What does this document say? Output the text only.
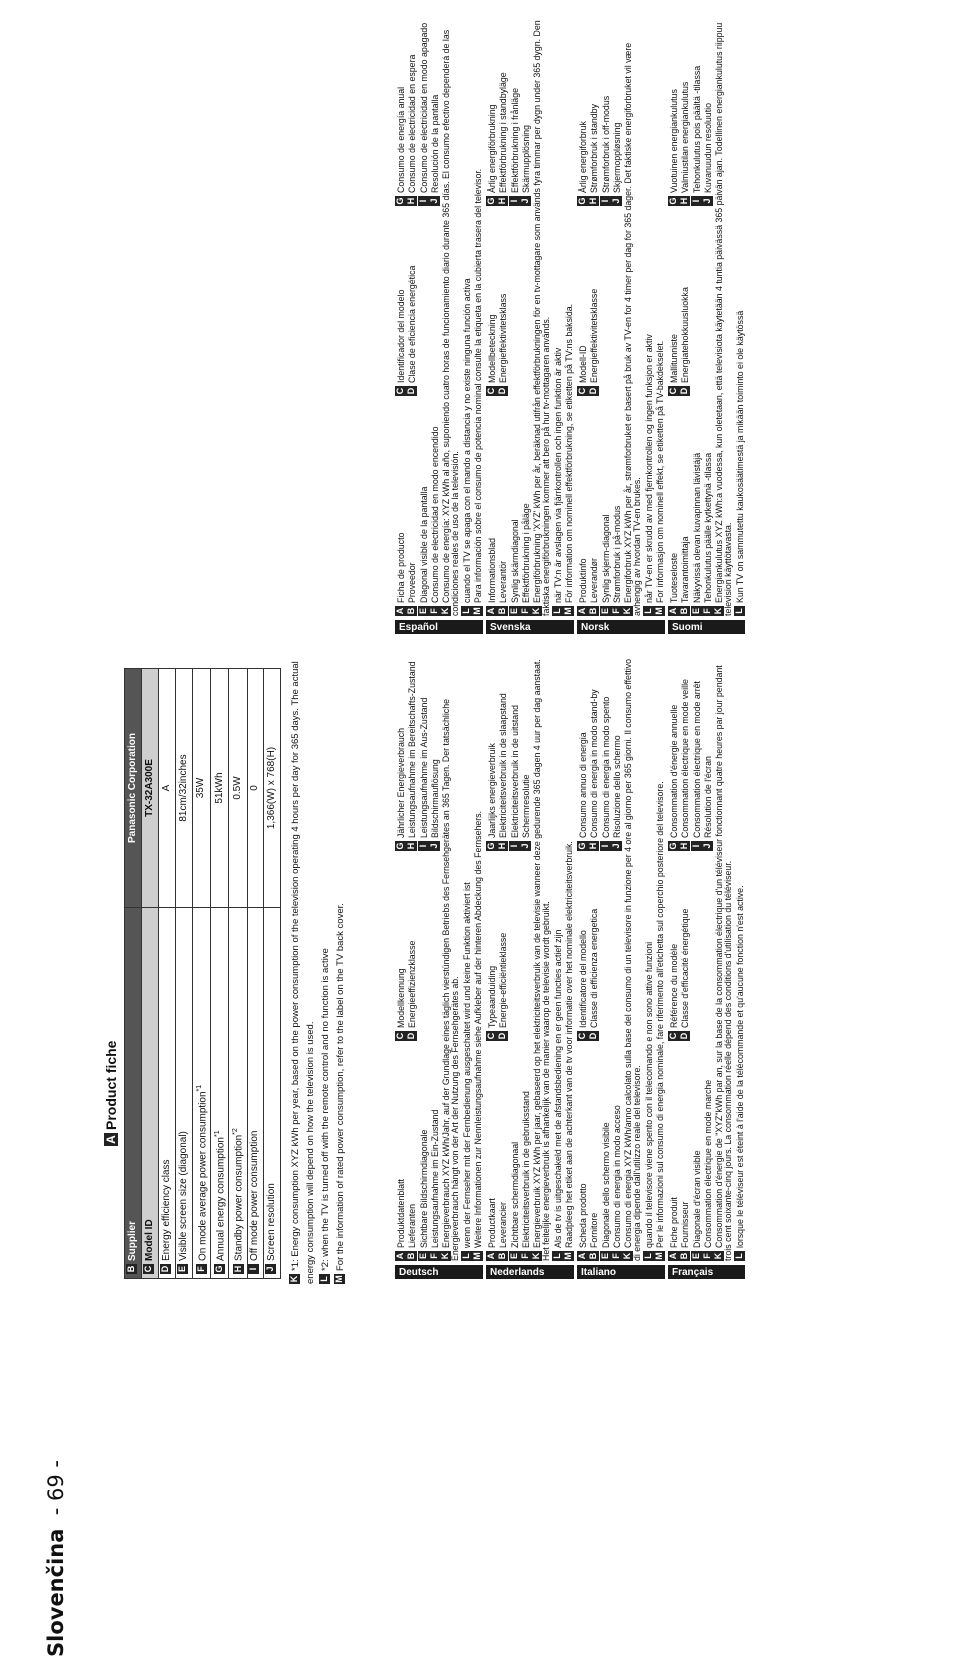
Slovenčina  - 69 -
AProduct fiche
BSupplier	Panasonic Corporation
CModel ID	TX-32A300E
DEnergy efficiency class	A
EVisible screen size (diagonal)	81cm/32inches
FOn mode average power consumption$^{*1}$	35W
GAnnual energy consumption$^{*1}$	51kWh
HStandby power consumption$^{*2}$	0.5W
IOff mode power consumption	0
JScreen resolution	1,366(W) x 768(H)

K*1: Energy consumption XYZ kWh per year, based on the power consumption of the television operating 4 hours per day for 365 days. The actual energy consumption will depend on how the television is used. L*2: when the TV is turned off with the remote control and no function is active

MFor the information of rated power consumption, refer to the label on the TV back cover.

Deutsch
AProduktdatenblatt
CModellkennung
GJährlicher Energieverbrauch
BLieferanten
DEnergieeffizienzklasse
HLeistungsaufnahme im Bereitschafts-Zustand
ESichtbare Bildschirmdiagonale
ILeistungsaufnahme im Aus-Zustand
FLeistungsaufnahme im Ein-Zustand
JBildschirmauflösung
KEnergieverbrauch XYZ kWh/Jahr, auf der Grundlage eines täglich vierstündigen Betriebs des Fernsehgerätes an 365 Tagen. Der tatsächliche Energieverbrauch hängt von der Art der Nutzung des Fernsehgerätes ab. Lwenn der Fernseher mit der Fernbedienung ausgeschaltet wird und keine Funktion aktiviert ist
MWeitere Informationen zur Nennleistungsaufnahme siehe Aufkleber auf der hinteren Abdeckung des Fernsehers.
Nederlands
AProductkaart
CTypeaanduiding
GJaarlijks energieverbruik
BLeverancier
DEnergie-efficiëntieklasse
HElektriciteitsverbruik in de slaapstand
EZichtbare schermdiagonaal
IElektriciteitsverbruik in de uitstand
FElektriciteitsverbruik in de gebruiksstand
JSchermresolutie
KEnergieverbruik XYZ kWh per jaar, gebaseerd op het elektriciteitsverbruik van de televisie wanneer deze gedurende 365 dagen 4 uur per dag aanstaat. Het feitelijke energieverbruik is afhankelijk van de manier waarop de televisie wordt gebruikt. LAls de tv is uitgeschakeld met de afstandsbediening en er geen functies actief zijn
MRaadpleeg het etiket aan de achterkant van de tv voor informatie over het nominale elektriciteitsverbruik.
Italiano
AScheda prodotto
CIdentificatore del modello
GConsumo annuo di energia
BFornitore
DClasse di efficienza energetica
HConsumo di energia in modo stand-by
EDiagonale dello schermo visibile
IConsumo di energia in modo spento
FConsumo di energia in modo acceso
JRisoluzione dello schermo
KConsumo di energia XYZ kWh/anno calcolato sulla base del consumo di un televisore in funzione per 4 ore al giorno per 365 giorni. Il consumo effettivo di energia dipende dall'utilizzo reale del televisore. Lquando il televisore viene spento con il telecomando e non sono attive funzioni
MPer le informazioni sul consumo di energia nominale, fare riferimento all'etichetta sul coperchio posteriore del televisore.
Français
AFiche produit
CRéférence du modèle
GConsommation d'énergie annuelle
BFournisseur
DClasse d'efficacité énergétique
HConsommation électrique en mode veille
EDiagonale d'écran visible
IConsommation électrique en mode arrêt
FConsommation électrique en mode marche
JRésolution de l'écran
KConsommation d'énergie de "XYZ"kWh par an, sur la base de la consommation électrique d'un téléviseur fonctionnant quatre heures par jour pendant trois cent soixante-cinq jours. La consommation réelle dépend des conditions d'utilisation du téléviseur. Llorsque le téléviseur est éteint à l'aide de la télécommande et qu'aucune fonction n'est active.
Español
AFicha de producto
CIdentificador del modelo
GConsumo de energía anual
BProveedor
DClase de eficiencia energética
HConsumo de electricidad en espera
EDiagonal visible de la pantalla
IConsumo de electricidad en modo apagado
FConsumo de electricidad en modo encendido
JResolución de la pantalla
KConsumo de energía: XYZ kWh al año, suponiendo cuatro horas de funcionamiento diario durante 365 días. El consumo efectivo dependerá de las condiciones reales de uso de la televisión. Lcuando el TV se apaga con el mando a distancia y no existe ninguna función activa
MPara información sobre el consumo de potencia nominal consulte la etiqueta en la cubierta trasera del televisor.
Svenska
AInformationsblad
CModellbeteckning
GÅrlig energiförbrukning
BLeverantör
DEnergieffektivitetsklass
HEffektförbrukning i standbyläge
ESynlig skärmdiagonal
IEffektförbrukning i frånläge
FEffektförbrukning i påläge
JSkärmupplösning
KEnergiförbrukning 'XYZ' kWh per år, beräknad utifrån effektförbrukningen för en tv-mottagare som används fyra timmar per dygn under 365 dygn. Den faktiska energiförbrukningen kommer att bero på hur tv-mottagaren används. Lnär TV:n är avslagen via fjärrkontrollen och ingen funktion är aktiv
MFör information om nominell effektförbrukning, se etiketten på TV:ns baksida.
Norsk
AProduktinfo
CModell-ID
GÅrlig energiforbruk
BLeverandør
DEnergieffektivitetsklasse
HStrømforbruk i standby
ESynlig skjerm-diagonal
IStrømforbruk i off-modus
FStrømforbruk i på-modus
JSkjermoppløsning
KEnergiforbruk XYZ kWh per år, strømforbruket er basert på bruk av TV-en for 4 timer per dag for 365 dager. Det faktiske energiforbruket vil være avhengig av hvordan TV-en brukes. Lnår TV-en er skrudd av med fjernkontrollen og ingen funksjon er aktiv
MFor informasjon om nominell effekt, se etiketten på TV-bakdekselet.
Suomi
ATuoteseloste
CMallitunniste
GVuotuinen energiankulutus
BTavarantoimittaja
DEnergiatehokkuusluokka
HValmiustilan energiankulutus
ENäkyvissä olevan kuvapinnan lävistäjä
ITehonkulutus pois päältä -tilassa
FTehonkulutus päälle kytkettynä -tilassa
JKuvanuudun resoluutio
KEnergiankulutus XYZ kWh:a vuodessa, kun oletetaan, että televisiota käytetään 4 tuntia päivässä 365 päivän ajan. Todellinen energiankulutus riippuu television käyttötavasta. LKun TV on sammutettu kaukosäätimestä ja mikään toiminto ei ole käytössä
